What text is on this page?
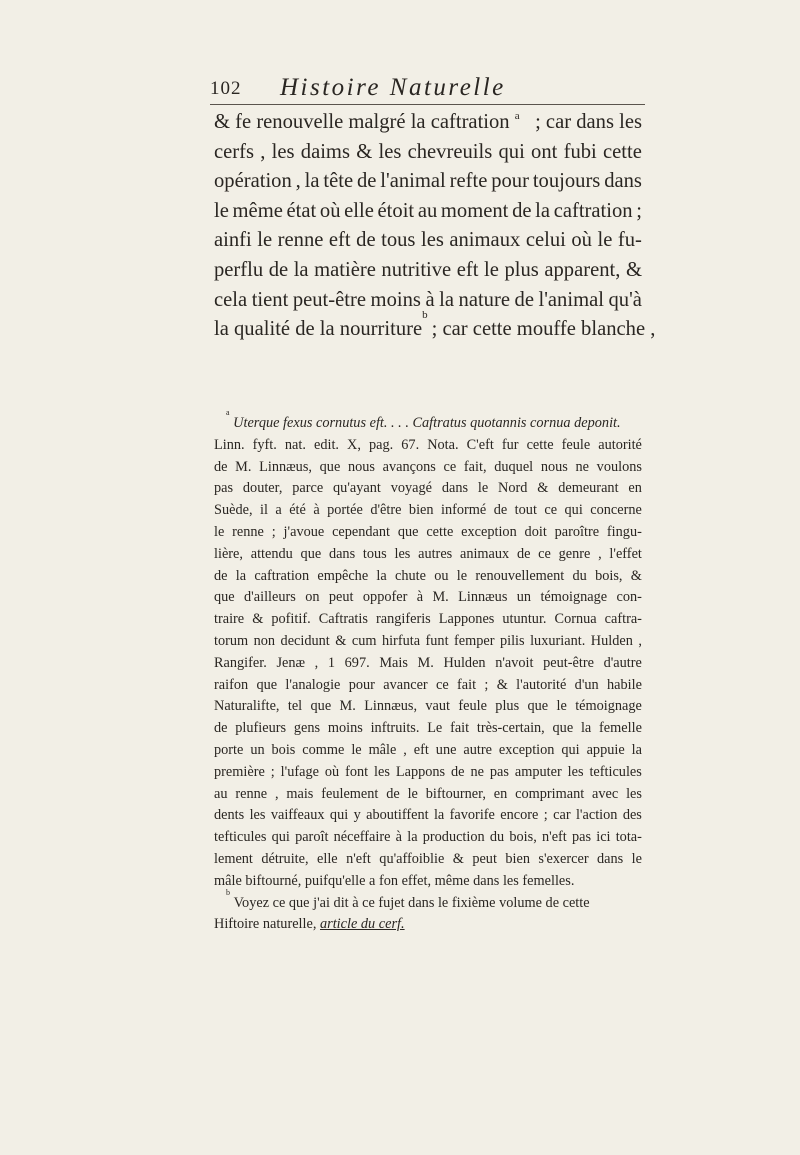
102 Histoire Naturelle
& fe renouvelle malgré la caftration $^a$ ; car dans les
cerfs , les daims & les chevreuils qui ont fubi cette
opération , la tête de l'animal refte pour toujours dans
le même état où elle étoit au moment de la caftration ;
ainfi le renne eft de tous les animaux celui où le fu-
perflu de la matière nutritive eft le plus apparent, &
cela tient peut-être moins à la nature de l'animal qu'à
la qualité de la nourriture
b
; car cette mouffe blanche ,
a

Uterque fexus cornutus eft. . . . Caftratus quotannis cornua deponit.
Linn. fyft. nat. edit. X, pag. 67. Nota. C'eft fur cette feule autorité
de M. Linnæus, que nous avançons ce fait, duquel nous ne voulons
pas douter, parce qu'ayant voyagé dans le Nord & demeurant en
Suède, il a été à portée d'être bien informé de tout ce qui concerne
le renne ; j'avoue cependant que cette exception doit paroître fingu-
lière, attendu que dans tous les autres animaux de ce genre , l'effet
de la caftration empêche la chute ou le renouvellement du bois, &
que d'ailleurs on peut oppofer à M. Linnæus un témoignage con-
traire & pofitif. Caftratis rangiferis Lappones utuntur. Cornua caftra-
torum non decidunt & cum hirfuta funt femper pilis luxuriant. Hulden ,
Rangifer. Jenæ , 1 697. Mais M. Hulden n'avoit peut-être d'autre
raifon que l'analogie pour avancer ce fait ; & l'autorité d'un habile
Naturalifte, tel que M. Linnæus, vaut feule plus que le témoignage
de plufieurs gens moins inftruits. Le fait très-certain, que la femelle
porte un bois comme le mâle , eft une autre exception qui appuie la
première ; l'ufage où font les Lappons de ne pas amputer les tefticules
au renne , mais feulement de le biftourner, en comprimant avec les
dents les vaiffeaux qui y aboutiffent la favorife encore ; car l'action des
tefticules qui paroît néceffaire à la production du bois, n'eft pas ici tota-
lement détruite, elle n'eft qu'affoiblie & peut bien s'exercer dans le
mâle biftourné, puifqu'elle a fon effet, même dans les femelles.
b

Voyez ce que j'ai dit à ce fujet dans le fixième volume de cette
Hiftoire naturelle,
article du cerf.
